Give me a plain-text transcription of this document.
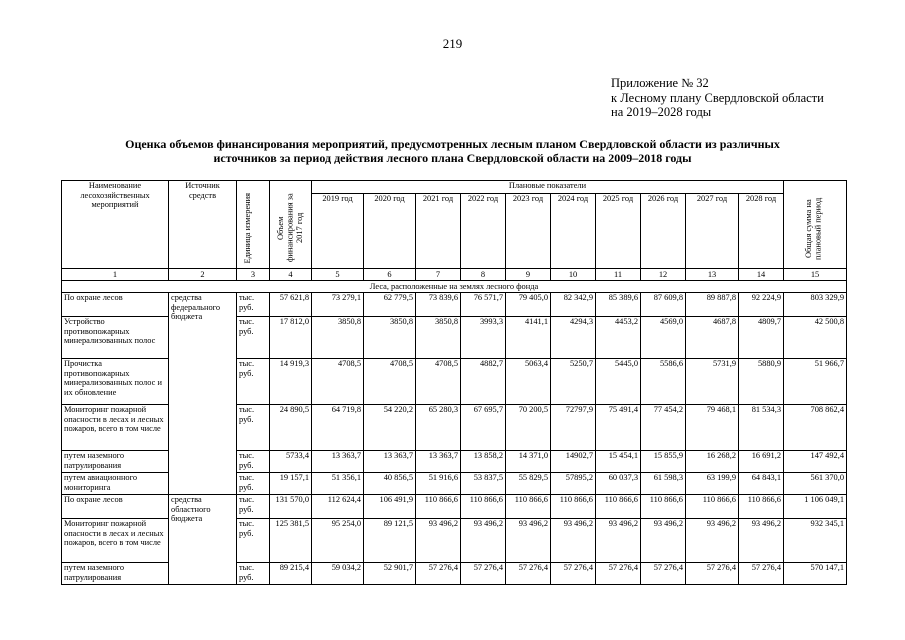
219
Приложение № 32
к Лесному плану Свердловской области
на 2019–2028 годы
Оценка объемов финансирования мероприятий, предусмотренных лесным планом Свердловской области из различных
источников за период действия лесного плана Свердловской области на 2009–2018 годы
Наименование лесохозяйственных мероприятий	Источник средств	Единица измерения	Объем финансирования за 2017 год	Плановые показатели										Общая сумма на плановый период
				2019 год	2020 год	2021 год	2022 год	2023 год	2024 год	2025 год	2026 год	2027 год	2028 год	
1	2	3	4	5	6	7	8	9	10	11	12	13	14	15
Леса, расположенные на землях лесного фонда														
По охране лесов	средства федерального бюджета	тыс. руб.	57 621,8	73 279,1	62 779,5	73 839,6	76 571,7	79 405,0	82 342,9	85 389,6	87 609,8	89 887,8	92 224,9	803 329,9
Устройство противопожарных минерализованных полос		тыс. руб.	17 812,0	3850,8	3850,8	3850,8	3993,3	4141,1	4294,3	4453,2	4569,0	4687,8	4809,7	42 500,8
Прочистка противопожарных минерализованных полос и их обновление		тыс. руб.	14 919,3	4708,5	4708,5	4708,5	4882,7	5063,4	5250,7	5445,0	5586,6	5731,9	5880,9	51 966,7
Мониторинг пожарной опасности в лесах и лесных пожаров, всего в том числе		тыс. руб.	24 890,5	64 719,8	54 220,2	65 280,3	67 695,7	70 200,5	72797,9	75 491,4	77 454,2	79 468,1	81 534,3	708 862,4
путем наземного патрулирования		тыс. руб.	5733,4	13 363,7	13 363,7	13 363,7	13 858,2	14 371,0	14902,7	15 454,1	15 855,9	16 268,2	16 691,2	147 492,4
путем авиационного мониторинга		тыс. руб.	19 157,1	51 356,1	40 856,5	51 916,6	53 837,5	55 829,5	57895,2	60 037,3	61 598,3	63 199,9	64 843,1	561 370,0
По охране лесов	средства областного бюджета	тыс. руб.	131 570,0	112 624,4	106 491,9	110 866,6	110 866,6	110 866,6	110 866,6	110 866,6	110 866,6	110 866,6	110 866,6	1 106 049,1
Мониторинг пожарной опасности в лесах и лесных пожаров, всего в том числе		тыс. руб.	125 381,5	95 254,0	89 121,5	93 496,2	93 496,2	93 496,2	93 496,2	93 496,2	93 496,2	93 496,2	93 496,2	932 345,1
путем наземного патрулирования		тыс. руб.	89 215,4	59 034,2	52 901,7	57 276,4	57 276,4	57 276,4	57 276,4	57 276,4	57 276,4	57 276,4	57 276,4	570 147,1
